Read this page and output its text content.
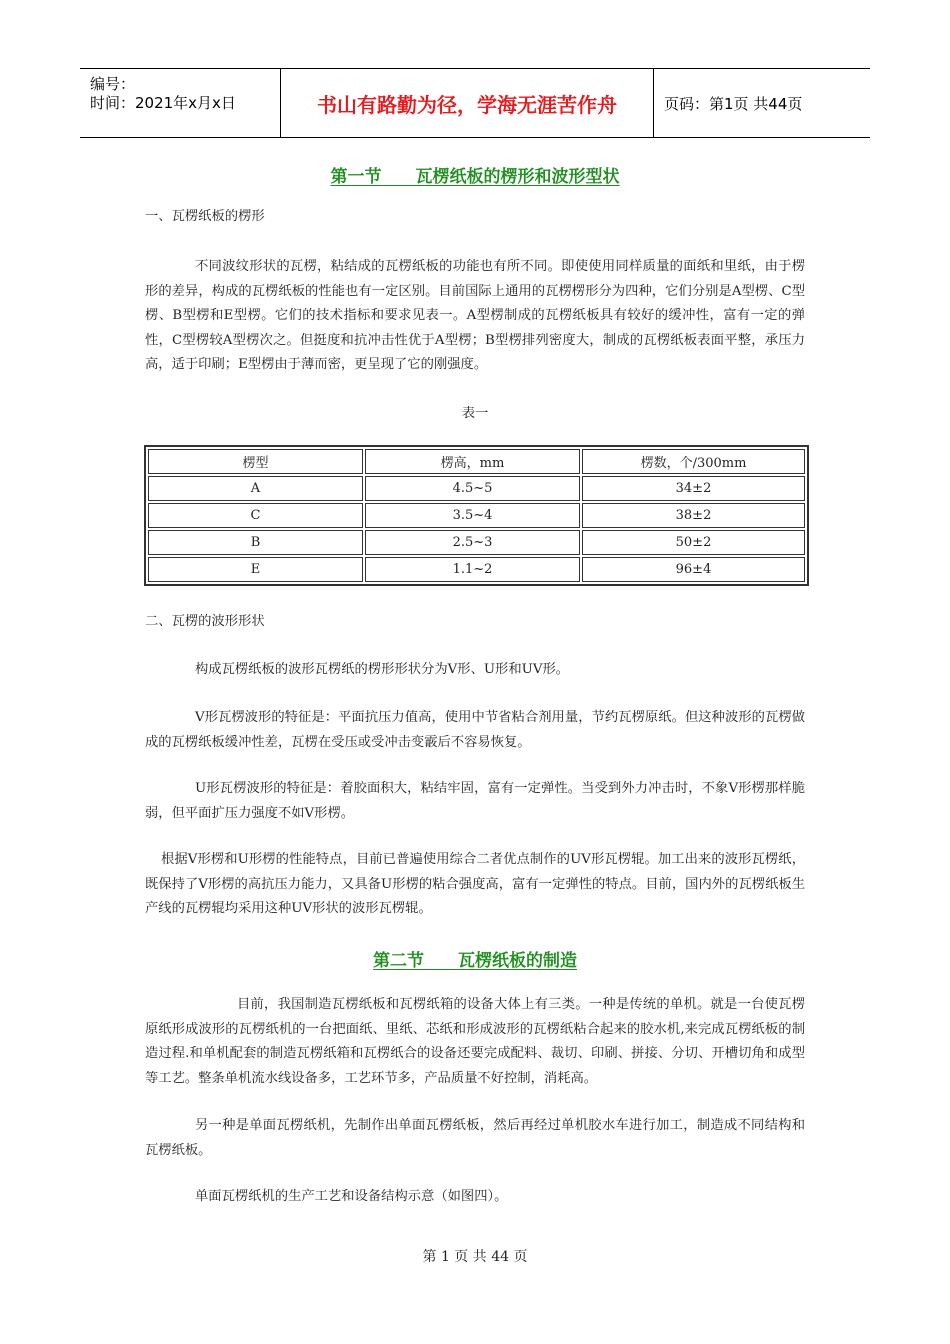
编号：
时间：2021年x月x日	书山有路勤为径，学海无涯苦作舟	页码：第1页 共44页
第一节　　瓦楞纸板的楞形和波形型状
一、瓦楞纸板的楞形
不同波纹形状的瓦楞，粘结成的瓦楞纸板的功能也有所不同。即使使用同样质量的面纸和里纸，由于楞形的差异，构成的瓦楞纸板的性能也有一定区别。目前国际上通用的瓦楞楞形分为四种，它们分别是A型楞、C型楞、B型楞和E型楞。它们的技术指标和要求见表一。A型楞制成的瓦楞纸板具有较好的缓冲性，富有一定的弹性，C型楞较A型楞次之。但挺度和抗冲击性优于A型楞；B型楞排列密度大，制成的瓦楞纸板表面平整，承压力高，适于印刷；E型楞由于薄而密，更呈现了它的刚强度。
表一
楞型	楞高，mm	楞数，个/300mm
A	4.5~5	34±2
C	3.5~4	38±2
B	2.5~3	50±2
E	1.1~2	96±4
二、瓦楞的波形形状
构成瓦楞纸板的波形瓦楞纸的楞形形状分为V形、U形和UV形。
V形瓦楞波形的特征是：平面抗压力值高，使用中节省粘合剂用量，节约瓦楞原纸。但这种波形的瓦楞做成的瓦楞纸板缓冲性差，瓦楞在受压或受冲击变霰后不容易恢复。
U形瓦楞波形的特征是：着胶面积大，粘结牢固，富有一定弹性。当受到外力冲击时，不象V形楞那样脆弱，但平面扩压力强度不如V形楞。
根据V形楞和U形楞的性能特点，目前已普遍使用综合二者优点制作的UV形瓦楞辊。加工出来的波形瓦楞纸，既保持了V形楞的高抗压力能力，又具备U形楞的粘合强度高，富有一定弹性的特点。目前，国内外的瓦楞纸板生产线的瓦楞辊均采用这种UV形状的波形瓦楞辊。
第二节　　瓦楞纸板的制造
目前，我国制造瓦楞纸板和瓦楞纸箱的设备大体上有三类。一种是传统的单机。就是一台使瓦楞原纸形成波形的瓦楞纸机的一台把面纸、里纸、芯纸和形成波形的瓦楞纸粘合起来的胶水机,来完成瓦楞纸板的制造过程.和单机配套的制造瓦楞纸箱和瓦楞纸合的设备还要完成配料、裁切、印刷、拼接、分切、开槽切角和成型等工艺。整条单机流水线设备多，工艺环节多，产品质量不好控制，消耗高。
另一种是单面瓦楞纸机，先制作出单面瓦楞纸板，然后再经过单机胶水车进行加工，制造成不同结构和瓦楞纸板。
单面瓦楞纸机的生产工艺和设备结构示意（如图四）。
第 1 页 共 44 页
